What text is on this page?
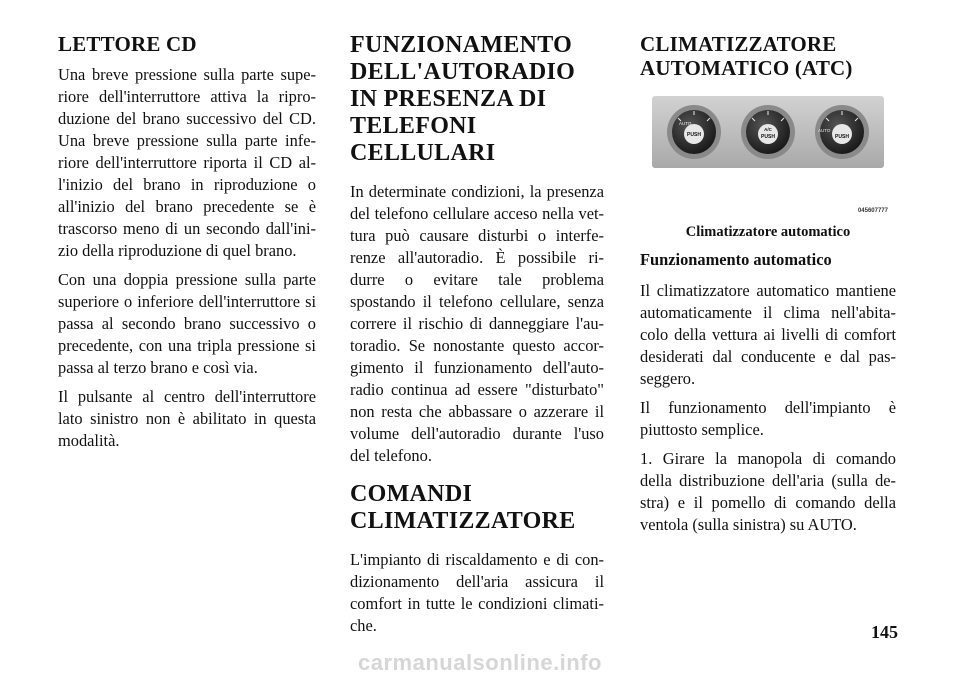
LETTORE CD

Una breve pressione sulla parte supe- riore dell'interruttore attiva la ripro- duzione del brano successivo del CD. Una breve pressione sulla parte infe- riore dell'interruttore riporta il CD al- l'inizio del brano in riproduzione o all'inizio del brano precedente se è trascorso meno di un secondo dall'ini- zio della riproduzione di quel brano.

Con una doppia pressione sulla parte superiore o inferiore dell'interruttore si passa al secondo brano successivo o precedente, con una tripla pressione si passa al terzo brano e così via.

Il pulsante al centro dell'interruttore lato sinistro non è abilitato in questa modalità.

FUNZIONAMENTO DELL'AUTORADIO IN PRESENZA DI TELEFONI CELLULARI

In determinate condizioni, la presenza del telefono cellulare acceso nella vet- tura può causare disturbi o interfe- renze all'autoradio. È possibile ri- durre o evitare tale problema spostando il telefono cellulare, senza correre il rischio di danneggiare l'au- toradio. Se nonostante questo accor- gimento il funzionamento dell'auto- radio continua ad essere "disturbato" non resta che abbassare o azzerare il volume dell'autoradio durante l'uso del telefono.

COMANDI CLIMATIZZATORE

L'impianto di riscaldamento e di con- dizionamento dell'aria assicura il comfort in tutte le condizioni climati- che.

CLIMATIZZATORE AUTOMATICO (ATC)
PUSH
AUTO
A/C
PUSH	PUSH
AUTO
045607777
Climatizzatore automatico

Funzionamento automatico

Il climatizzatore automatico mantiene automaticamente il clima nell'abita- colo della vettura ai livelli di comfort desiderati dal conducente e dal pas- seggero.

Il funzionamento dell'impianto è piuttosto semplice.

1. Girare la manopola di comando della distribuzione dell'aria (sulla de- stra) e il pomello di comando della ventola (sulla sinistra) su AUTO.

145
carmanualsonline.info
